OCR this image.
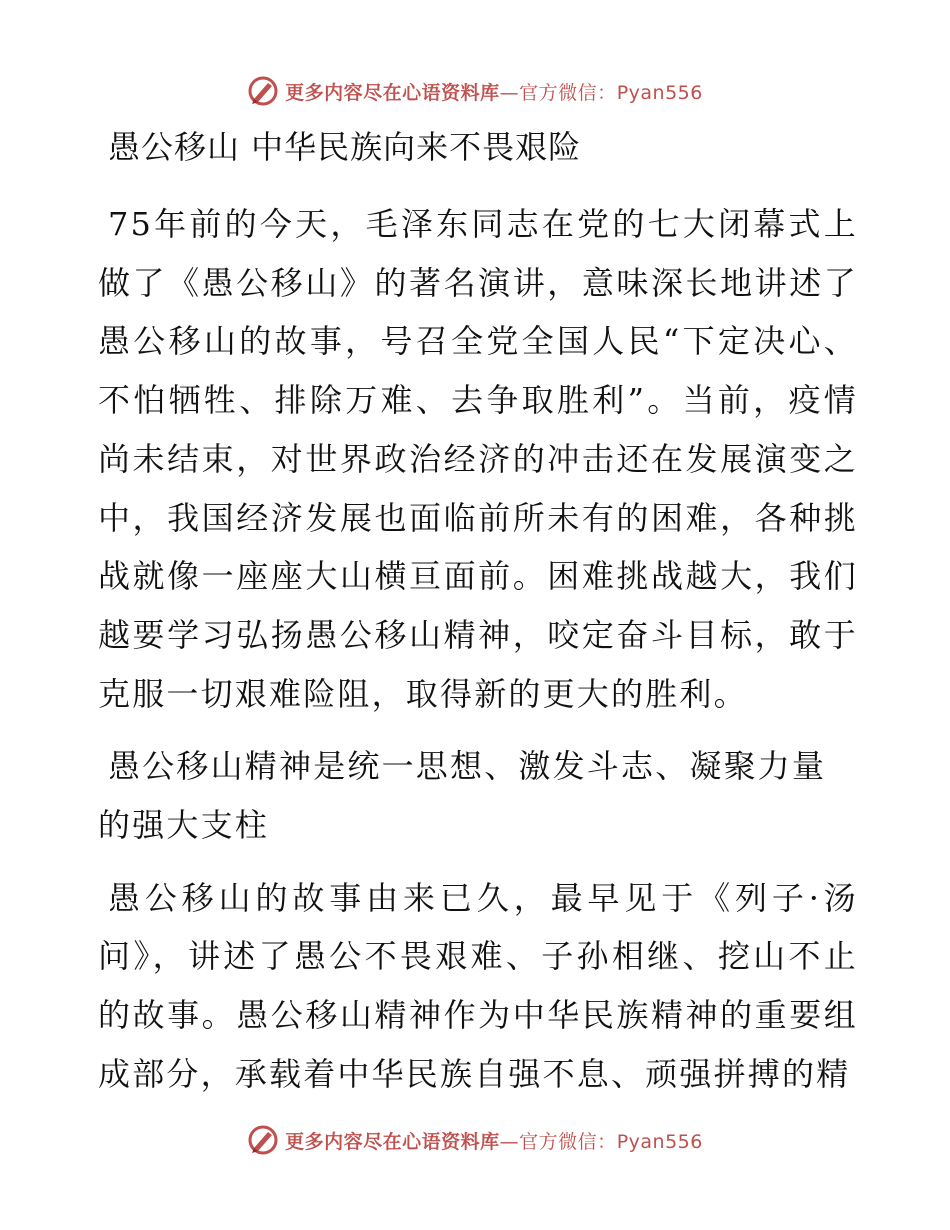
更多内容尽在心语资料库—官方微信：Pyan556
愚公移山 中华民族向来不畏艰险

75年前的今天，毛泽东同志在党的七大闭幕式上做了《愚公移山》的著名演讲，意味深长地讲述了愚公移山的故事，号召全党全国人民“下定决心、不怕牺牲、排除万难、去争取胜利”。当前，疫情尚未结束，对世界政治经济的冲击还在发展演变之中，我国经济发展也面临前所未有的困难，各种挑战就像一座座大山横亘面前。困难挑战越大，我们越要学习弘扬愚公移山精神，咬定奋斗目标，敢于克服一切艰难险阻，取得新的更大的胜利。

愚公移山精神是统一思想、激发斗志、凝聚力量的强大支柱

愚公移山的故事由来已久，最早见于《列子·汤问》，讲述了愚公不畏艰难、子孙相继、挖山不止的故事。愚公移山精神作为中华民族精神的重要组成部分，承载着中华民族自强不息、顽强拼搏的精

更多内容尽在心语资料库—官方微信：Pyan556
